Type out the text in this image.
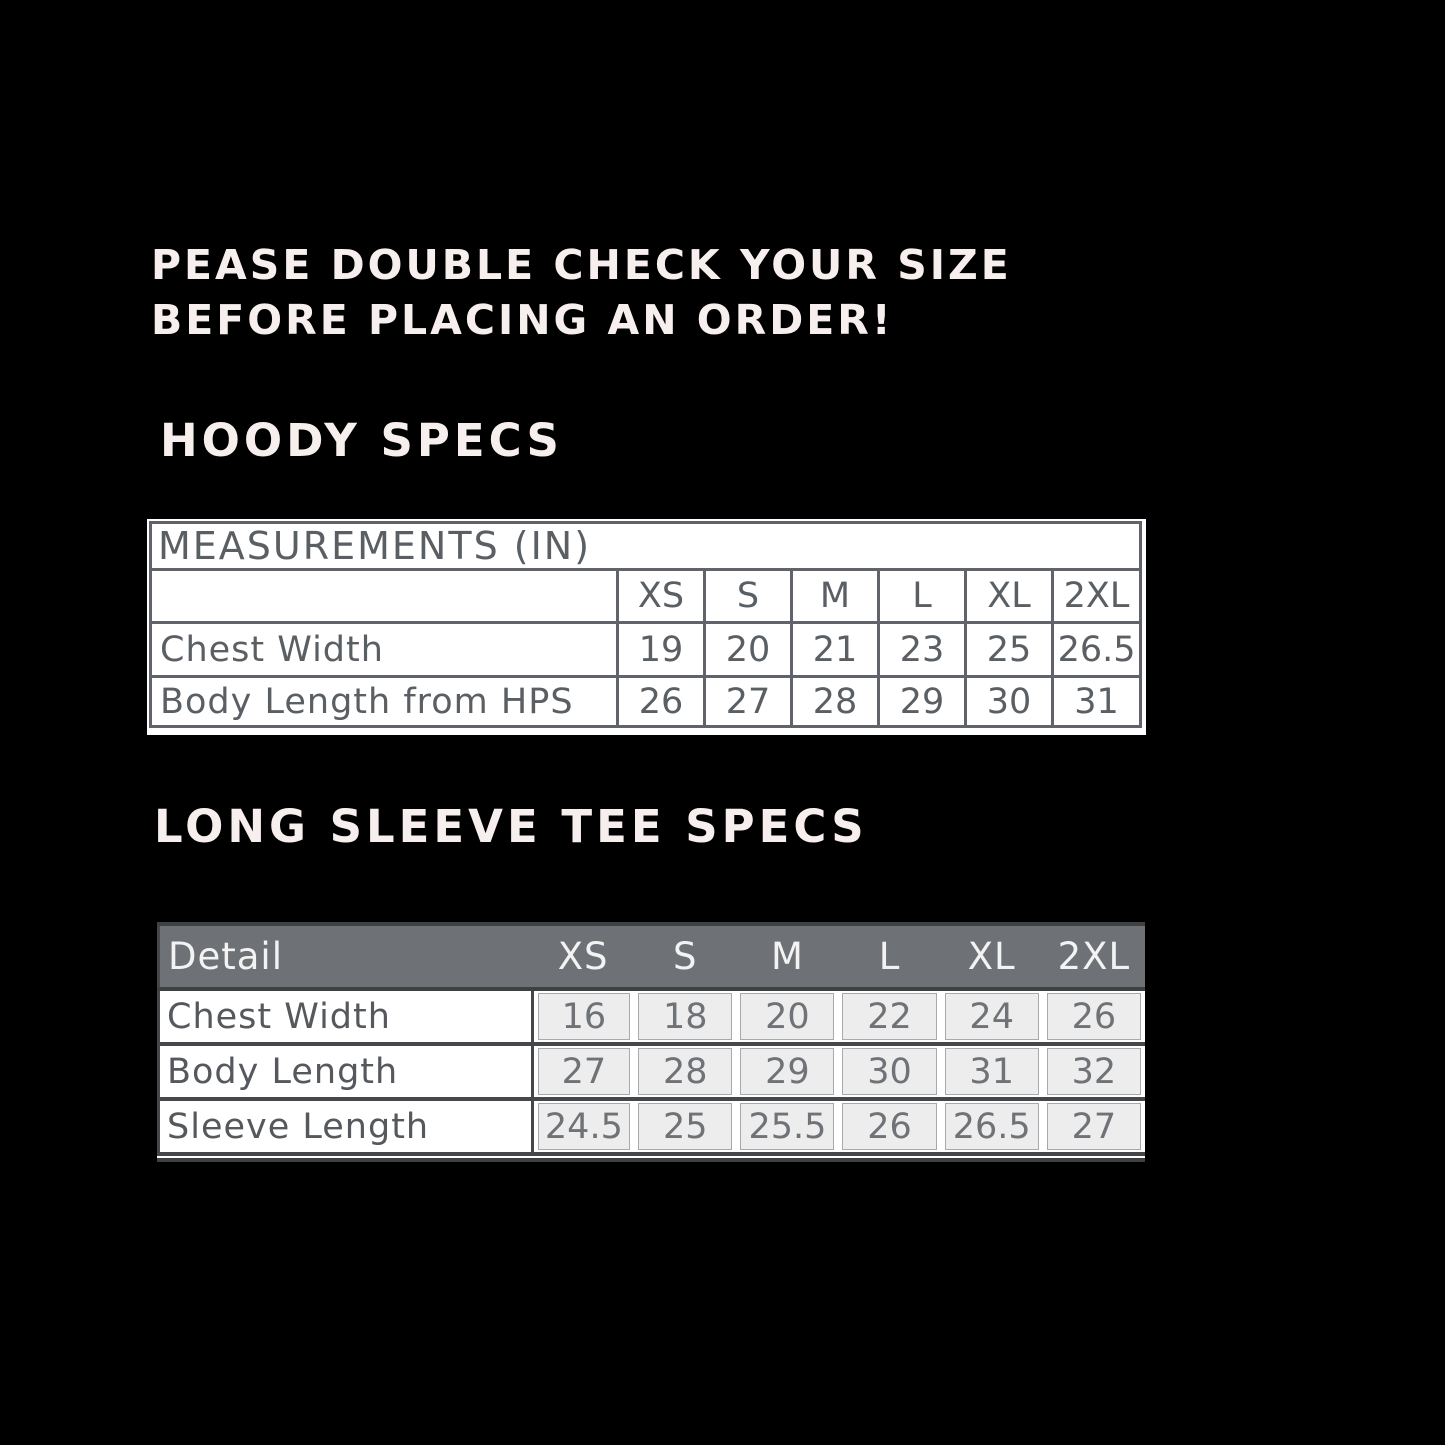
PEASE DOUBLE CHECK YOUR SIZE
BEFORE PLACING AN ORDER!
HOODY SPECS
MEASUREMENTS (IN)						
	XS	S	M	L	XL	2XL
Chest Width	19	20	21	23	25	26.5
Body Length from HPS	26	27	28	29	30	31
LONG SLEEVE TEE SPECS
Detail	XS	S	M	L	XL	2XL
Chest Width	16	18	20	22	24	26

Body Length	27	28	29	30	31	32

Sleeve Length	24.5	25	25.5	26	26.5	27
